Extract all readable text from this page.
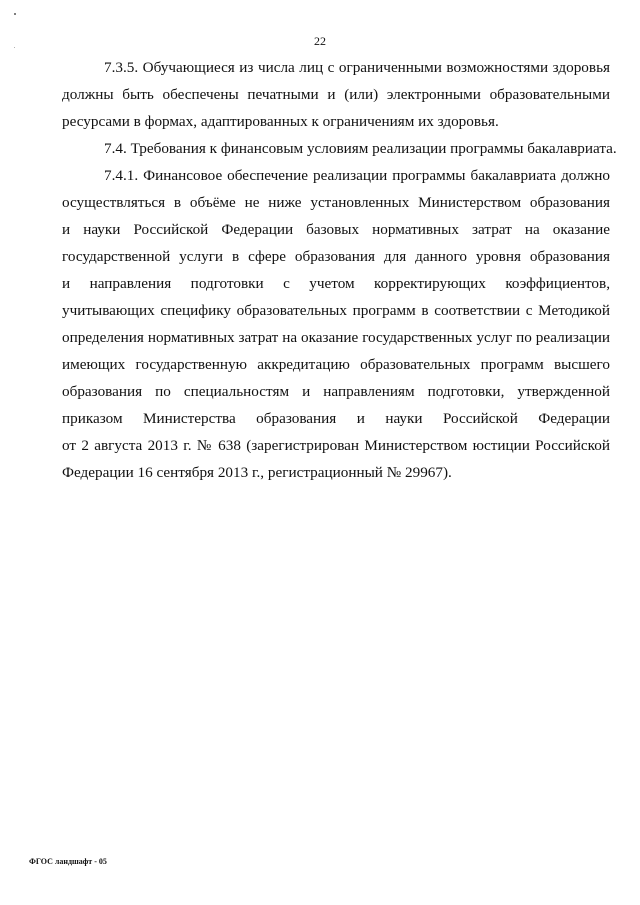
22

7.3.5. Обучающиеся из числа лиц с ограниченными возможностями здоровья
должны быть обеспечены печатными и (или) электронными образовательными
ресурсами в формах, адаптированных к ограничениям их здоровья.

7.4. Требования к финансовым условиям реализации программы бакалавриата.

7.4.1. Финансовое обеспечение реализации программы бакалавриата должно
осуществляться в объёме не ниже установленных Министерством образования
и науки Российской Федерации базовых нормативных затрат на оказание
государственной услуги в сфере образования для данного уровня образования
и направления подготовки с учетом корректирующих коэффициентов,
учитывающих специфику образовательных программ в соответствии с Методикой
определения нормативных затрат на оказание государственных услуг по реализации
имеющих государственную аккредитацию образовательных программ высшего
образования по специальностям и направлениям подготовки, утвержденной
приказом Министерства образования и науки Российской Федерации
от 2 августа 2013 г. № 638 (зарегистрирован Министерством юстиции Российской
Федерации 16 сентября 2013 г., регистрационный № 29967).

ФГОС ландшафт - 05
